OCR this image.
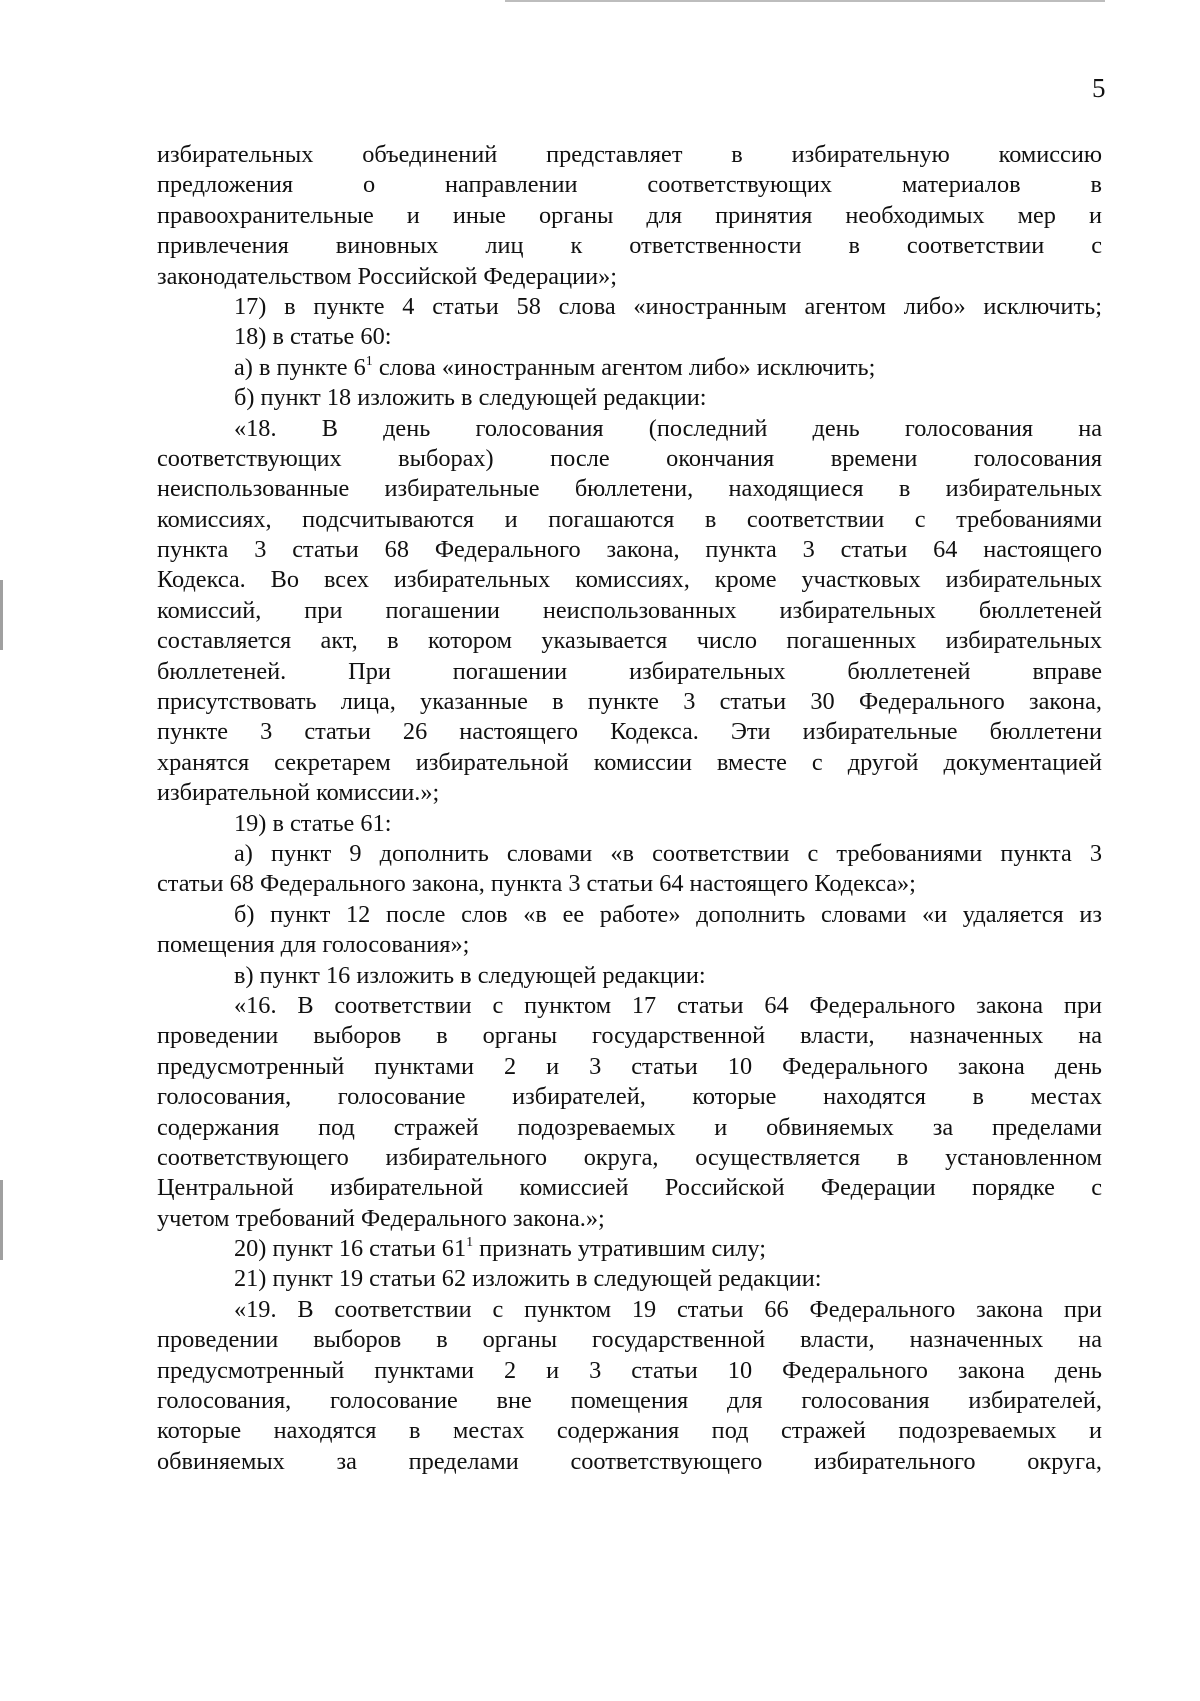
5
избирательных объединений представляет в избирательную комиссию
предложения о направлении соответствующих материалов в
правоохранительные и иные органы для принятия необходимых мер и
привлечения виновных лиц к ответственности в соответствии с
законодательством Российской Федерации»;
17) в пункте 4 статьи 58 слова «иностранным агентом либо» исключить;
18) в статье 60:
а) в пункте $6^1$ слова «иностранным агентом либо» исключить;
б) пункт 18 изложить в следующей редакции:
«18. В день голосования (последний день голосования на
соответствующих выборах) после окончания времени голосования
неиспользованные избирательные бюллетени, находящиеся в избирательных
комиссиях, подсчитываются и погашаются в соответствии с требованиями
пункта 3 статьи 68 Федерального закона, пункта 3 статьи 64 настоящего
Кодекса. Во всех избирательных комиссиях, кроме участковых избирательных
комиссий, при погашении неиспользованных избирательных бюллетеней
составляется акт, в котором указывается число погашенных избирательных
бюллетеней. При погашении избирательных бюллетеней вправе
присутствовать лица, указанные в пункте 3 статьи 30 Федерального закона,
пункте 3 статьи 26 настоящего Кодекса. Эти избирательные бюллетени
хранятся секретарем избирательной комиссии вместе с другой документацией
избирательной комиссии.»;
19) в статье 61:
а) пункт 9 дополнить словами «в соответствии с требованиями пункта 3
статьи 68 Федерального закона, пункта 3 статьи 64 настоящего Кодекса»;
б) пункт 12 после слов «в ее работе» дополнить словами «и удаляется из
помещения для голосования»;
в) пункт 16 изложить в следующей редакции:
«16. В соответствии с пунктом 17 статьи 64 Федерального закона при
проведении выборов в органы государственной власти, назначенных на
предусмотренный пунктами 2 и 3 статьи 10 Федерального закона день
голосования, голосование избирателей, которые находятся в местах
содержания под стражей подозреваемых и обвиняемых за пределами
соответствующего избирательного округа, осуществляется в установленном
Центральной избирательной комиссией Российской Федерации порядке с
учетом требований Федерального закона.»;
20) пункт 16 статьи $61^1$ признать утратившим силу;
21) пункт 19 статьи 62 изложить в следующей редакции:
«19. В соответствии с пунктом 19 статьи 66 Федерального закона при
проведении выборов в органы государственной власти, назначенных на
предусмотренный пунктами 2 и 3 статьи 10 Федерального закона день
голосования, голосование вне помещения для голосования избирателей,
которые находятся в местах содержания под стражей подозреваемых и
обвиняемых за пределами соответствующего избирательного округа,
